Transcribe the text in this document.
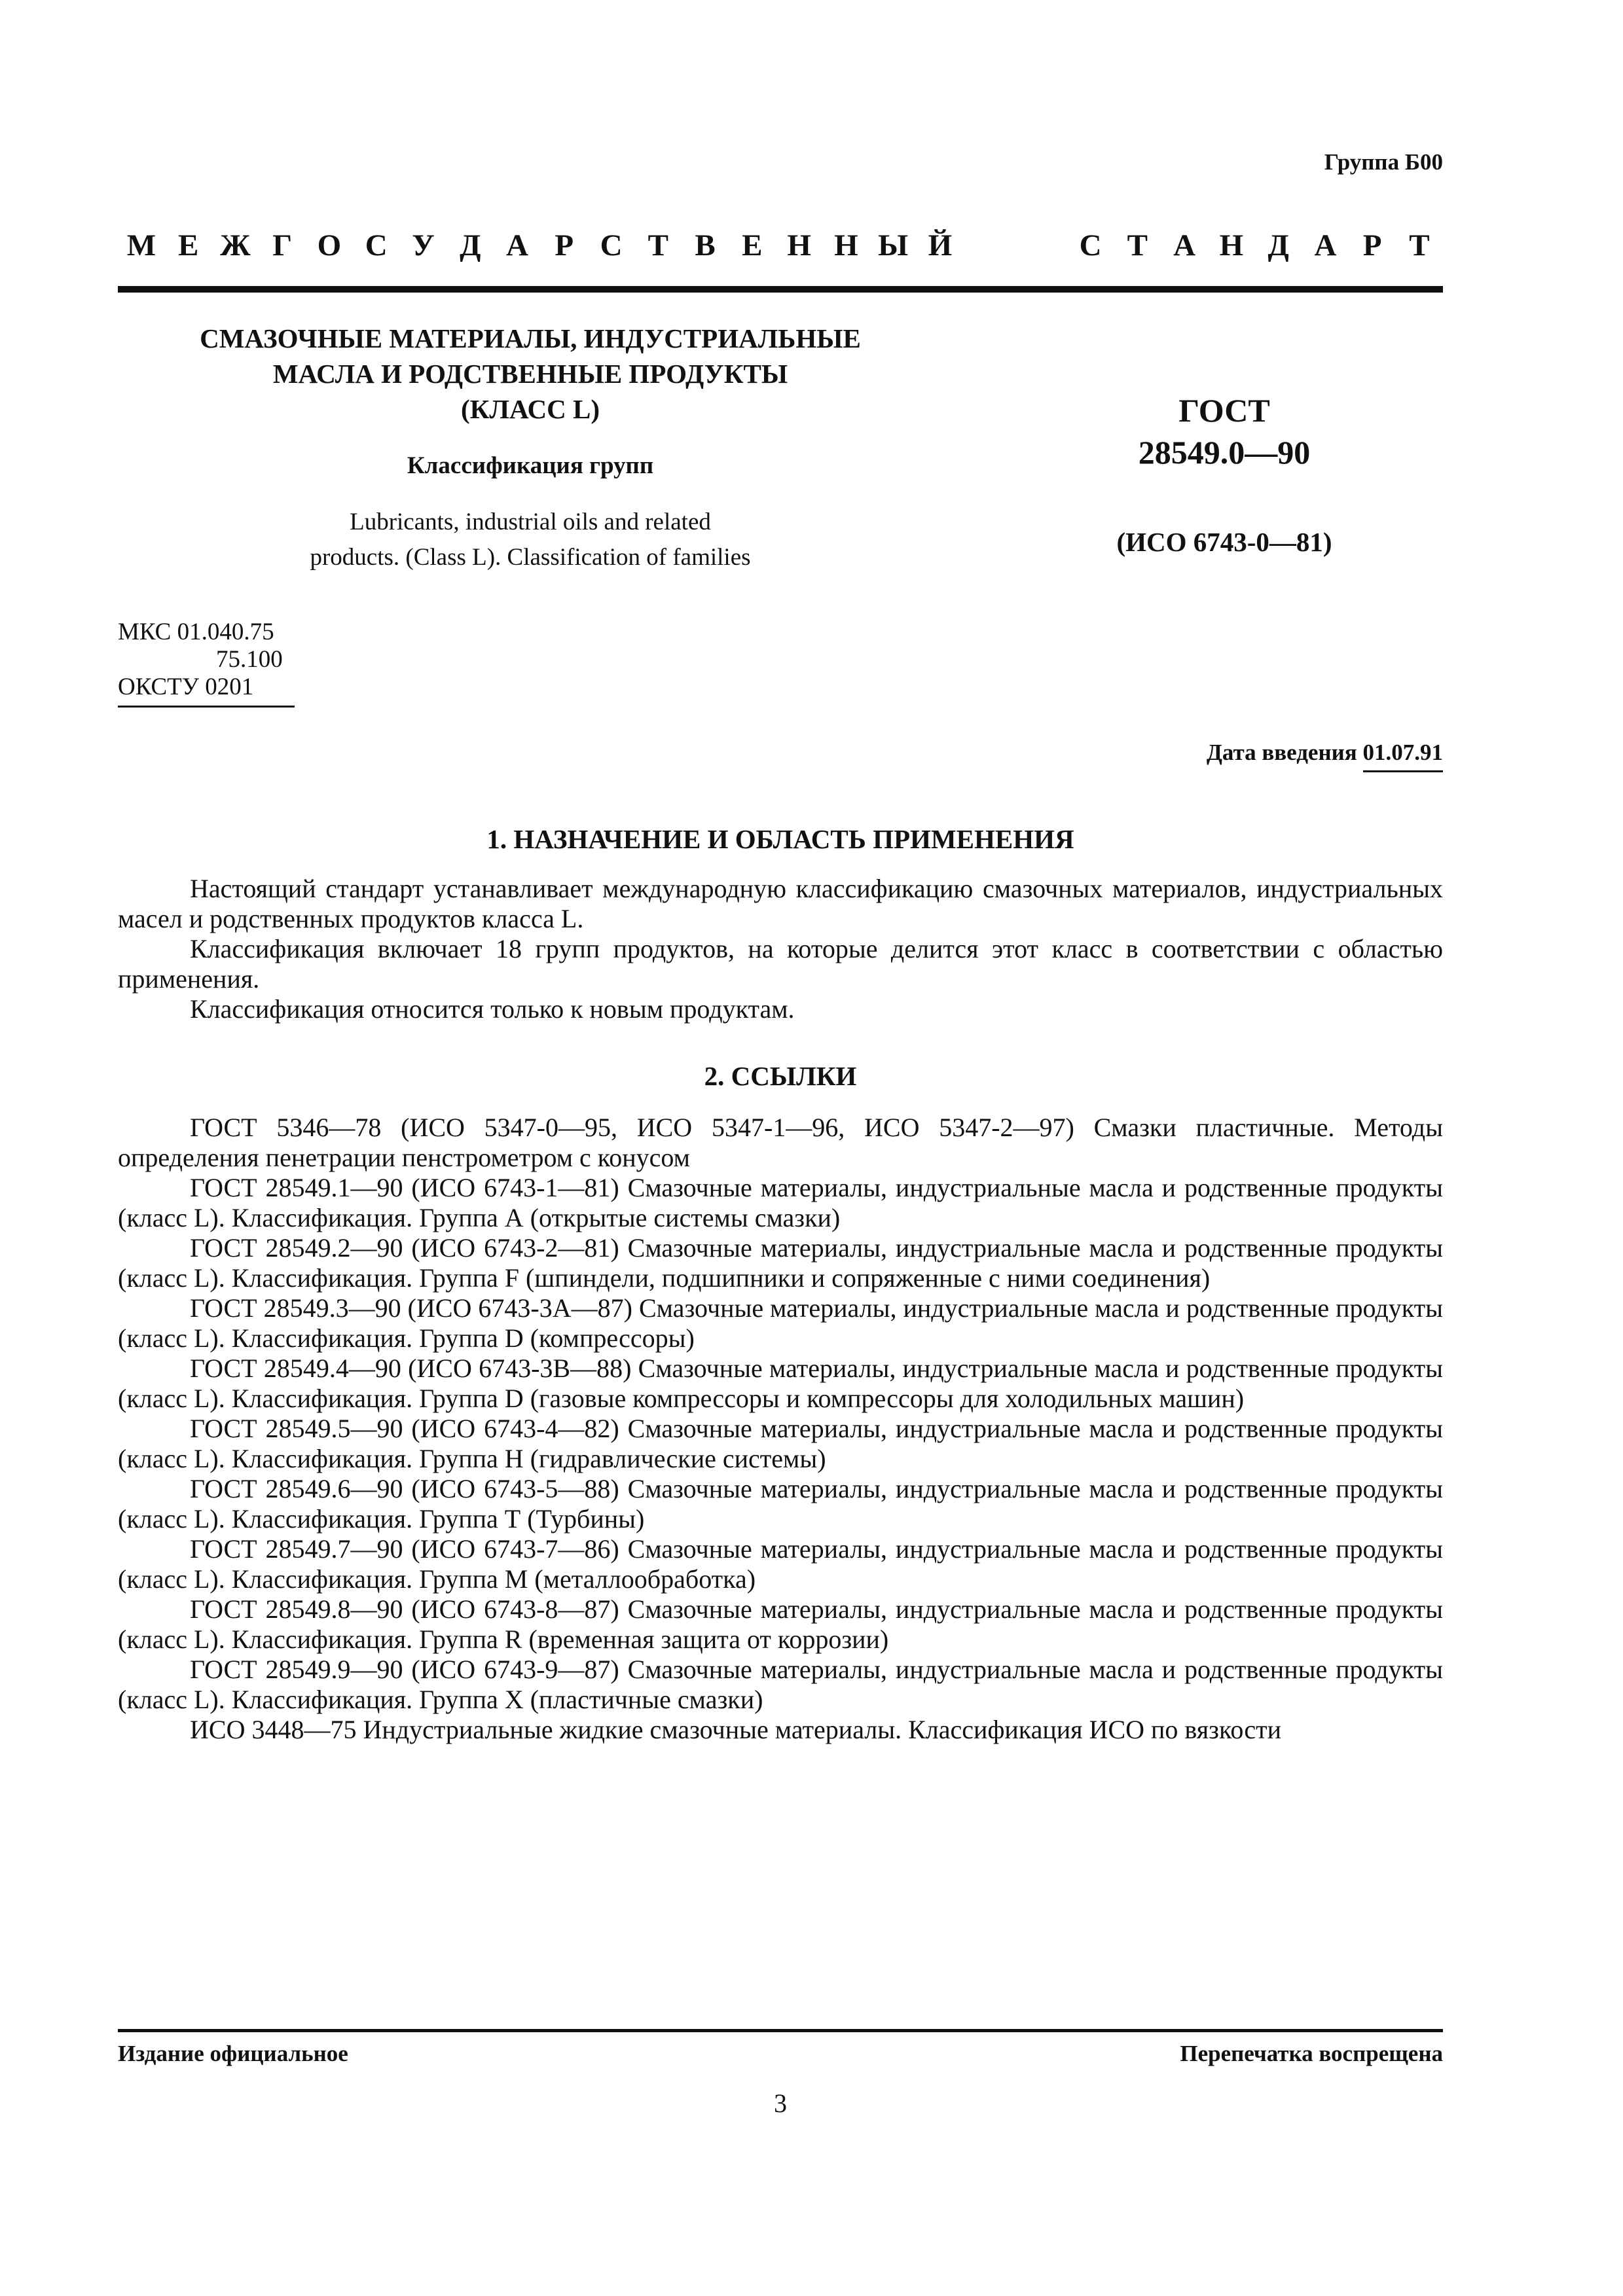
Группа Б00
М Е Ж Г О С У Д А Р С Т В Е Н Н Ы Й	С Т А Н Д А Р Т
СМАЗОЧНЫЕ МАТЕРИАЛЫ, ИНДУСТРИАЛЬНЫЕ
МАСЛА И РОДСТВЕННЫЕ ПРОДУКТЫ
(КЛАСС L)
Классификация групп
Lubricants, industrial oils and related
products. (Class L). Classification of families
ГОСТ
28549.0—90
(ИСО 6743-0—81)
МКС 01.040.75
75.100
ОКСТУ 0201
Дата введения 01.07.91
1. НАЗНАЧЕНИЕ И ОБЛАСТЬ ПРИМЕНЕНИЯ

Настоящий стандарт устанавливает международную классификацию смазочных материалов, индустриальных масел и родственных продуктов класса L.

Классификация включает 18 групп продуктов, на которые делится этот класс в соответствии с областью применения.

Классификация относится только к новым продуктам.

2. ССЫЛКИ

ГОСТ 5346—78 (ИСО 5347-0—95, ИСО 5347-1—96, ИСО 5347-2—97) Смазки пластичные. Методы определения пенетрации пенстрометром с конусом

ГОСТ 28549.1—90 (ИСО 6743-1—81) Смазочные материалы, индустриальные масла и родственные продукты (класс L). Классификация. Группа А (открытые системы смазки)

ГОСТ 28549.2—90 (ИСО 6743-2—81) Смазочные материалы, индустриальные масла и родственные продукты (класс L). Классификация. Группа F (шпиндели, подшипники и сопряженные с ними соединения)

ГОСТ 28549.3—90 (ИСО 6743-3А—87) Смазочные материалы, индустриальные масла и родственные продукты (класс L). Классификация. Группа D (компрессоры)

ГОСТ 28549.4—90 (ИСО 6743-3В—88) Смазочные материалы, индустриальные масла и родственные продукты (класс L). Классификация. Группа D (газовые компрессоры и компрессоры для холодильных машин)

ГОСТ 28549.5—90 (ИСО 6743-4—82) Смазочные материалы, индустриальные масла и родственные продукты (класс L). Классификация. Группа Н (гидравлические системы)

ГОСТ 28549.6—90 (ИСО 6743-5—88) Смазочные материалы, индустриальные масла и родственные продукты (класс L). Классификация. Группа Т (Турбины)

ГОСТ 28549.7—90 (ИСО 6743-7—86) Смазочные материалы, индустриальные масла и родственные продукты (класс L). Классификация. Группа М (металлообработка)

ГОСТ 28549.8—90 (ИСО 6743-8—87) Смазочные материалы, индустриальные масла и родственные продукты (класс L). Классификация. Группа R (временная защита от коррозии)

ГОСТ 28549.9—90 (ИСО 6743-9—87) Смазочные материалы, индустриальные масла и родственные продукты (класс L). Классификация. Группа X (пластичные смазки)

ИСО 3448—75 Индустриальные жидкие смазочные материалы. Классификация ИСО по вязкости

Издание официальное	Перепечатка воспрещена
3
